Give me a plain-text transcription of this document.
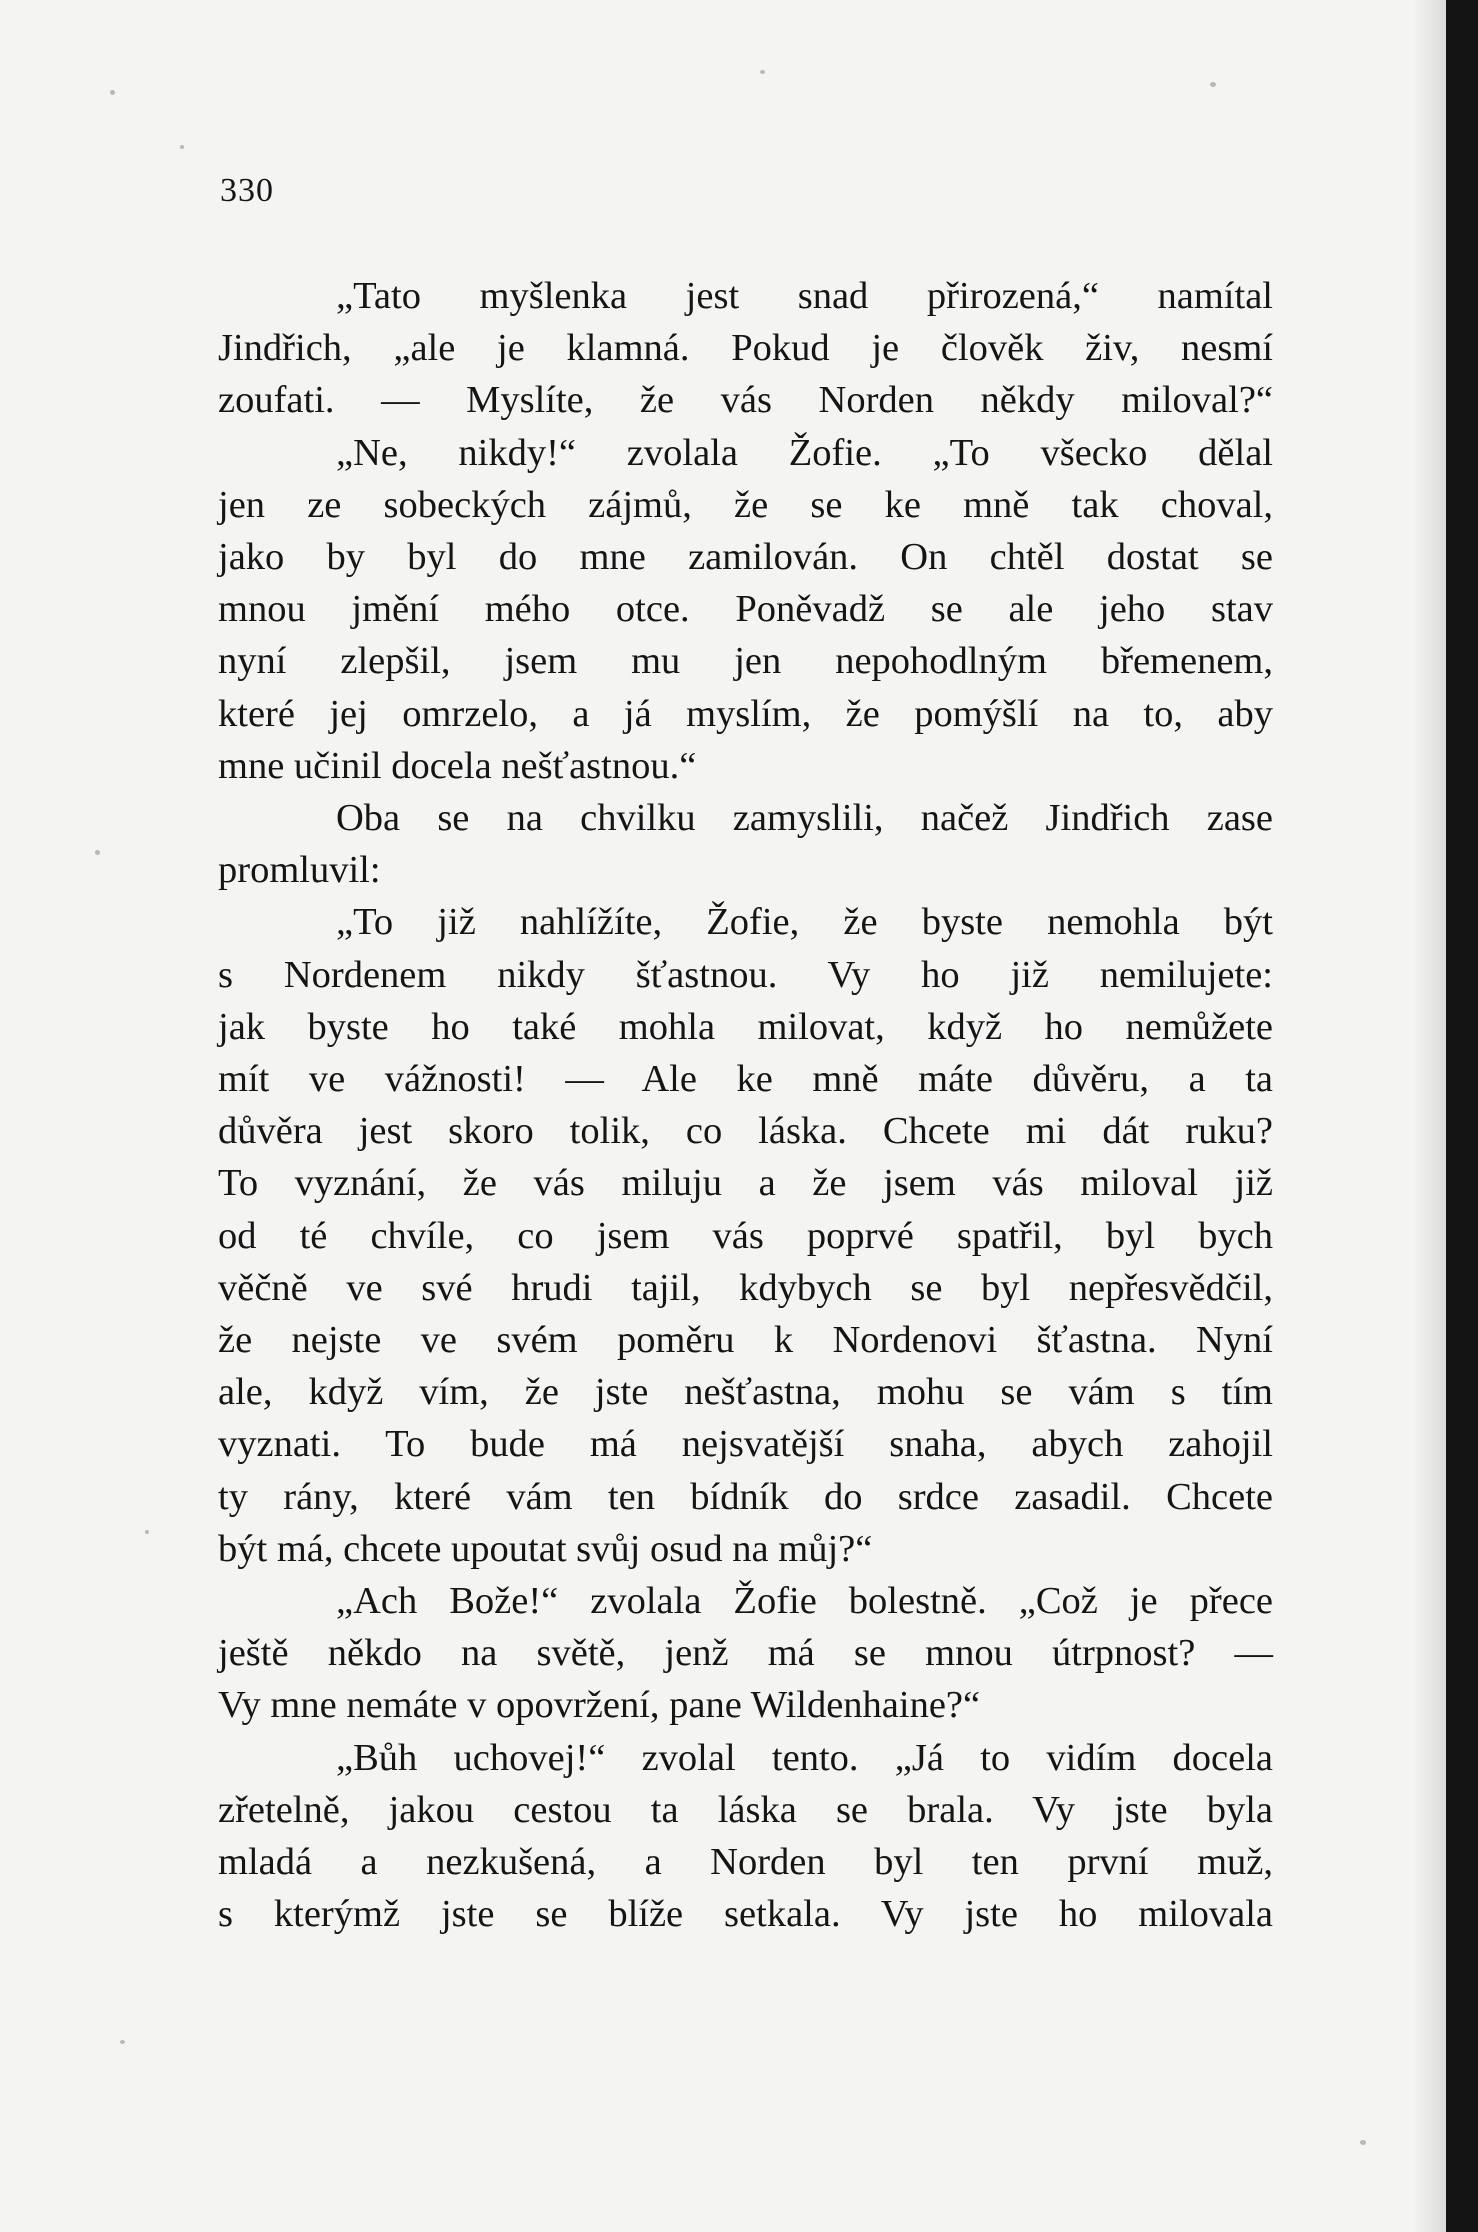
330
„Tato myšlenka jest snad přirozená,“ namítal
Jindřich, „ale je klamná. Pokud je člověk živ, nesmí
zoufati. — Myslíte, že vás Norden někdy miloval?“
„Ne, nikdy!“ zvolala Žofie. „To všecko dělal
jen ze sobeckých zájmů, že se ke mně tak choval,
jako by byl do mne zamilován. On chtěl dostat se
mnou jmění mého otce. Poněvadž se ale jeho stav
nyní zlepšil, jsem mu jen nepohodlným břemenem,
které jej omrzelo, a já myslím, že pomýšlí na to, aby
mne učinil docela nešťastnou.“
Oba se na chvilku zamyslili, načež Jindřich zase
promluvil:
„To již nahlížíte, Žofie, že byste nemohla být
s Nordenem nikdy šťastnou. Vy ho již nemilujete:
jak byste ho také mohla milovat, když ho nemůžete
mít ve vážnosti! — Ale ke mně máte důvěru, a ta
důvěra jest skoro tolik, co láska. Chcete mi dát ruku?
To vyznání, že vás miluju a že jsem vás miloval již
od té chvíle, co jsem vás poprvé spatřil, byl bych
věčně ve své hrudi tajil, kdybych se byl nepřesvědčil,
že nejste ve svém poměru k Nordenovi šťastna. Nyní
ale, když vím, že jste nešťastna, mohu se vám s tím
vyznati. To bude má nejsvatější snaha, abych zahojil
ty rány, které vám ten bídník do srdce zasadil. Chcete
být má, chcete upoutat svůj osud na můj?“
„Ach Bože!“ zvolala Žofie bolestně. „Což je přece
ještě někdo na světě, jenž má se mnou útrpnost? —
Vy mne nemáte v opovržení, pane Wildenhaine?“
„Bůh uchovej!“ zvolal tento. „Já to vidím docela
zřetelně, jakou cestou ta láska se brala. Vy jste byla
mladá a nezkušená, a Norden byl ten první muž,
s kterýmž jste se blíže setkala. Vy jste ho milovala
